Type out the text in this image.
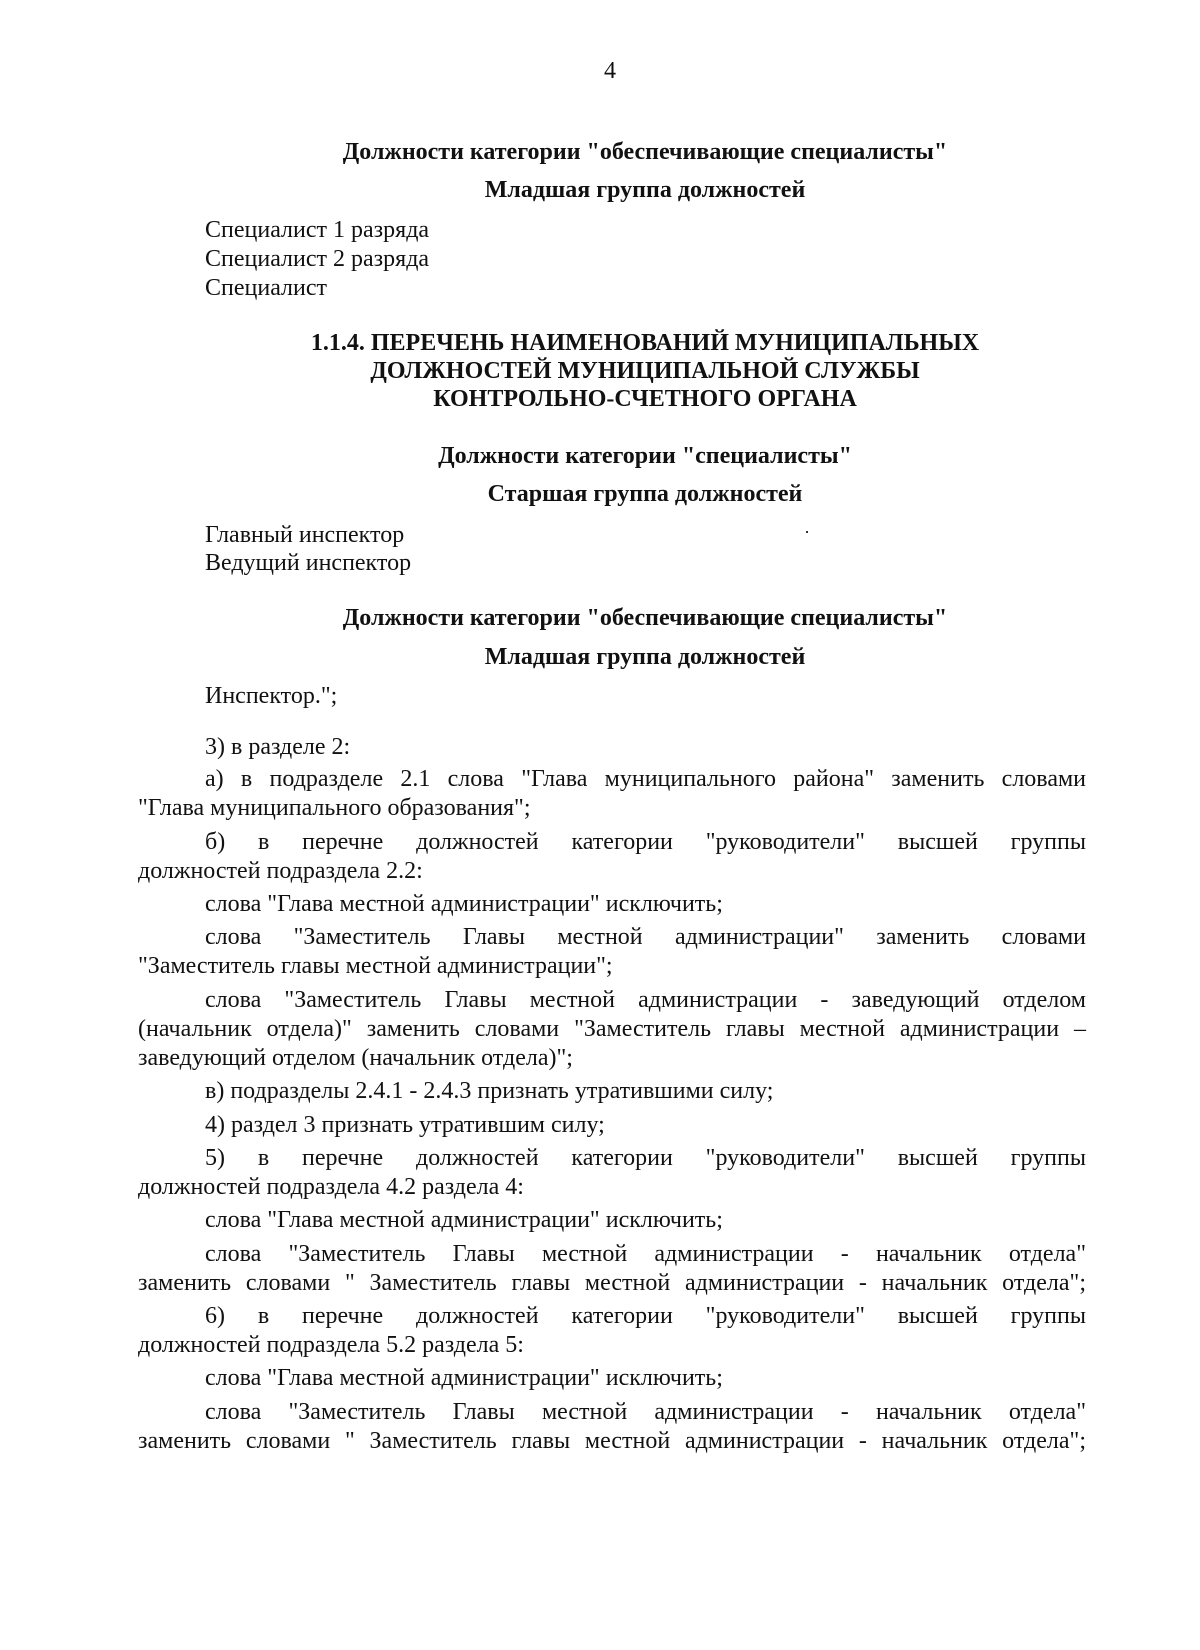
4
Должности категории "обеспечивающие специалисты"
Младшая группа должностей
Специалист 1 разряда
Специалист 2 разряда
Специалист
1.1.4. ПЕРЕЧЕНЬ НАИМЕНОВАНИЙ МУНИЦИПАЛЬНЫХ
ДОЛЖНОСТЕЙ МУНИЦИПАЛЬНОЙ СЛУЖБЫ
КОНТРОЛЬНО-СЧЕТНОГО ОРГАНА
Должности категории "специалисты"
Старшая группа должностей
Главный инспектор
Ведущий инспектор
Должности категории "обеспечивающие специалисты"
Младшая группа должностей
Инспектор.";
3) в разделе 2:
а) в подразделе 2.1 слова "Глава муниципального района" заменить словами
"Глава муниципального образования";
б) в перечне должностей категории "руководители" высшей группы
должностей подраздела 2.2:
слова "Глава местной администрации" исключить;
слова "Заместитель Главы местной администрации" заменить словами
"Заместитель главы местной администрации";
слова "Заместитель Главы местной администрации - заведующий отделом
(начальник отдела)" заменить словами "Заместитель главы местной администрации –
заведующий отделом (начальник отдела)";
в) подразделы 2.4.1 - 2.4.3 признать утратившими силу;
4) раздел 3 признать утратившим силу;
5) в перечне должностей категории "руководители" высшей группы
должностей подраздела 4.2 раздела 4:
слова "Глава местной администрации" исключить;
слова "Заместитель Главы местной администрации - начальник отдела"
заменить словами " Заместитель главы местной администрации - начальник отдела";
6) в перечне должностей категории "руководители" высшей группы
должностей подраздела 5.2 раздела 5:
слова "Глава местной администрации" исключить;
слова "Заместитель Главы местной администрации - начальник отдела"
заменить словами " Заместитель главы местной администрации - начальник отдела";
